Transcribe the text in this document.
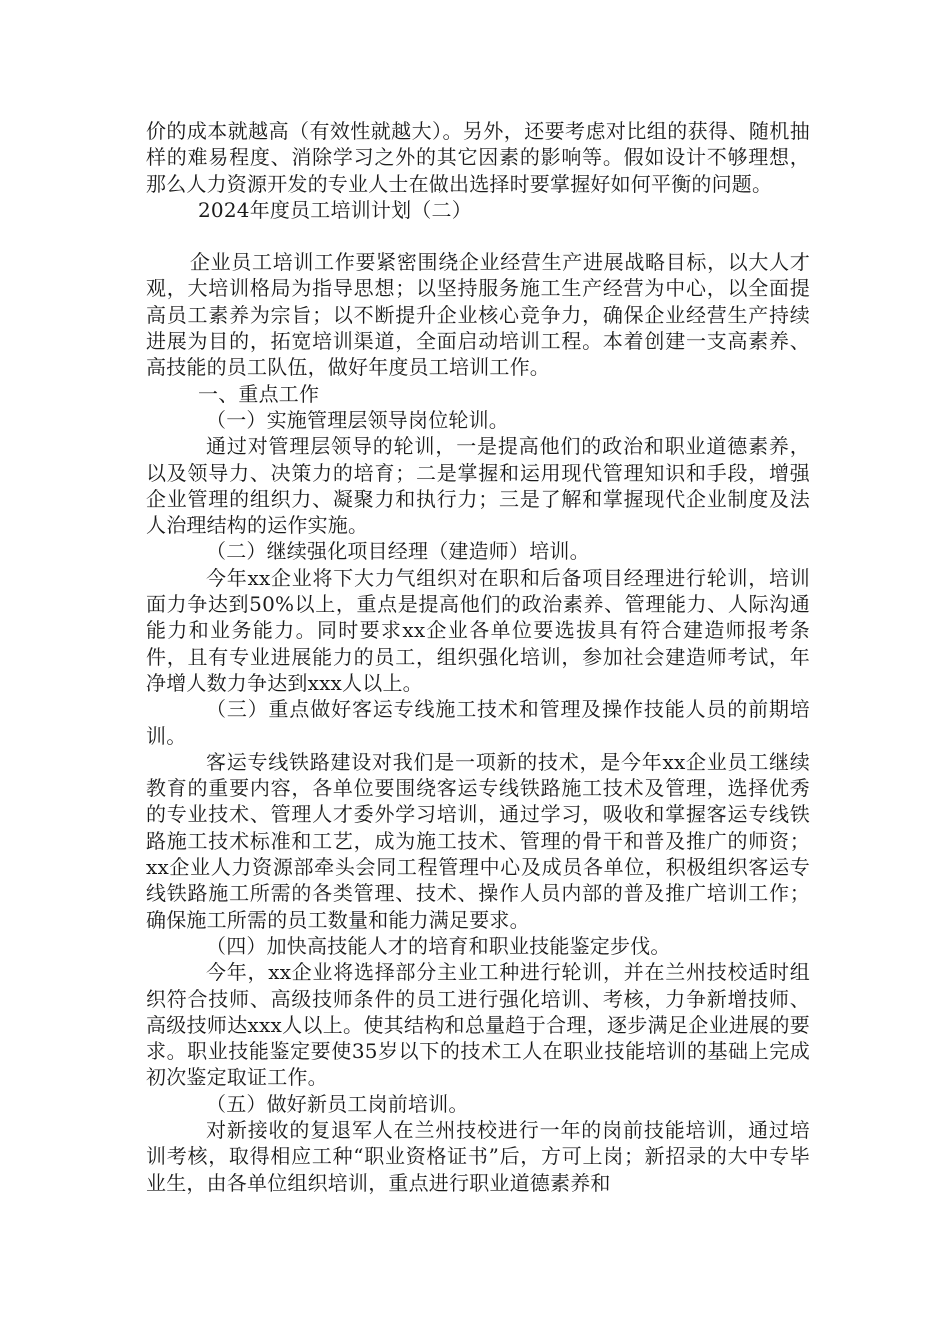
价的成本就越高（有效性就越大）。另外，还要考虑对比组的获得、随机抽样的难易程度、消除学习之外的其它因素的影响等。假如设计不够理想，那么人力资源开发的专业人士在做出选择时要掌握好如何平衡的问题。

2024年度员工培训计划（二）

企业员工培训工作要紧密围绕企业经营生产进展战略目标，以大人才观，大培训格局为指导思想；以坚持服务施工生产经营为中心，以全面提高员工素养为宗旨；以不断提升企业核心竞争力，确保企业经营生产持续进展为目的，拓宽培训渠道，全面启动培训工程。本着创建一支高素养、高技能的员工队伍，做好年度员工培训工作。

一、重点工作

（一）实施管理层领导岗位轮训。

通过对管理层领导的轮训，一是提高他们的政治和职业道德素养，以及领导力、决策力的培育；二是掌握和运用现代管理知识和手段，增强企业管理的组织力、凝聚力和执行力；三是了解和掌握现代企业制度及法人治理结构的运作实施。

（二）继续强化项目经理（建造师）培训。

今年xx企业将下大力气组织对在职和后备项目经理进行轮训，培训面力争达到50%以上，重点是提高他们的政治素养、管理能力、人际沟通能力和业务能力。同时要求xx企业各单位要选拔具有符合建造师报考条件，且有专业进展能力的员工，组织强化培训，参加社会建造师考试，年净增人数力争达到xxx人以上。

（三）重点做好客运专线施工技术和管理及操作技能人员的前期培训。

客运专线铁路建设对我们是一项新的技术，是今年xx企业员工继续教育的重要内容，各单位要围绕客运专线铁路施工技术及管理，选择优秀的专业技术、管理人才委外学习培训，通过学习，吸收和掌握客运专线铁路施工技术标准和工艺，成为施工技术、管理的骨干和普及推广的师资；xx企业人力资源部牵头会同工程管理中心及成员各单位，积极组织客运专线铁路施工所需的各类管理、技术、操作人员内部的普及推广培训工作；确保施工所需的员工数量和能力满足要求。

（四）加快高技能人才的培育和职业技能鉴定步伐。

今年，xx企业将选择部分主业工种进行轮训，并在兰州技校适时组织符合技师、高级技师条件的员工进行强化培训、考核，力争新增技师、高级技师达xxx人以上。使其结构和总量趋于合理，逐步满足企业进展的要求。职业技能鉴定要使35岁以下的技术工人在职业技能培训的基础上完成初次鉴定取证工作。

（五）做好新员工岗前培训。

对新接收的复退军人在兰州技校进行一年的岗前技能培训，通过培训考核，取得相应工种“职业资格证书”后，方可上岗；新招录的大中专毕业生，由各单位组织培训，重点进行职业道德素养和
